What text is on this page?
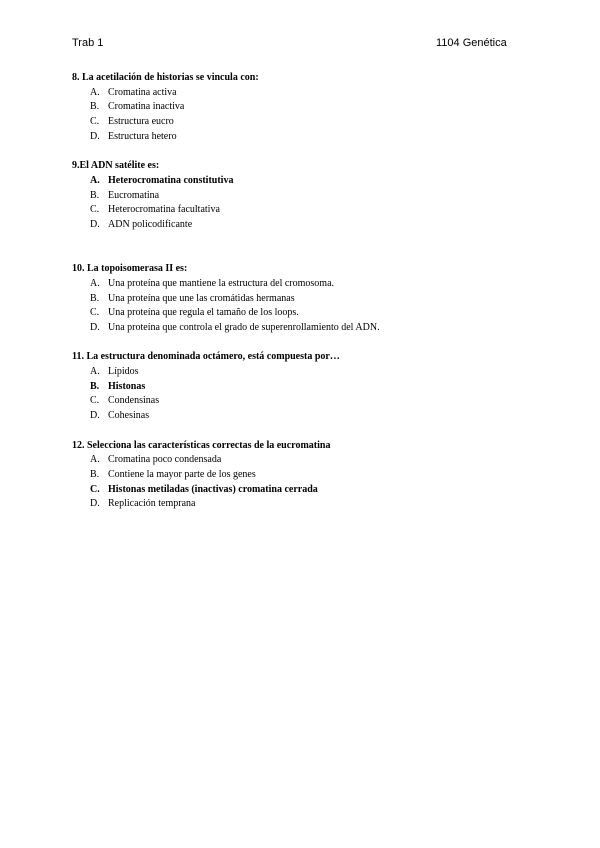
Trab 1	1104 Genética

8. La acetilación de historias se vincula con:

A. Cromatina activa
B. Cromatina inactiva
C. Estructura eucro
D. Estructura hetero

9.El ADN satélite es:

A. Heterocromatina constitutiva
B. Eucromatina
C. Heterocromatina facultativa
D. ADN policodificante

10. La topoisomerasa II es:

A. Una proteína que mantiene la estructura del cromosoma.
B. Una proteína que une las cromátidas hermanas
C. Una proteína que regula el tamaño de los loops.
D. Una proteína que controla el grado de superenrollamiento del ADN.

11. La estructura denominada octámero, está compuesta por…

A. Lípidos
B. Histonas
C. Condensinas
D. Cohesinas

12. Selecciona las características correctas de la eucromatina

A. Cromatina poco condensada
B. Contiene la mayor parte de los genes
C. Histonas metiladas (inactivas) cromatina cerrada
D. Replicación temprana
